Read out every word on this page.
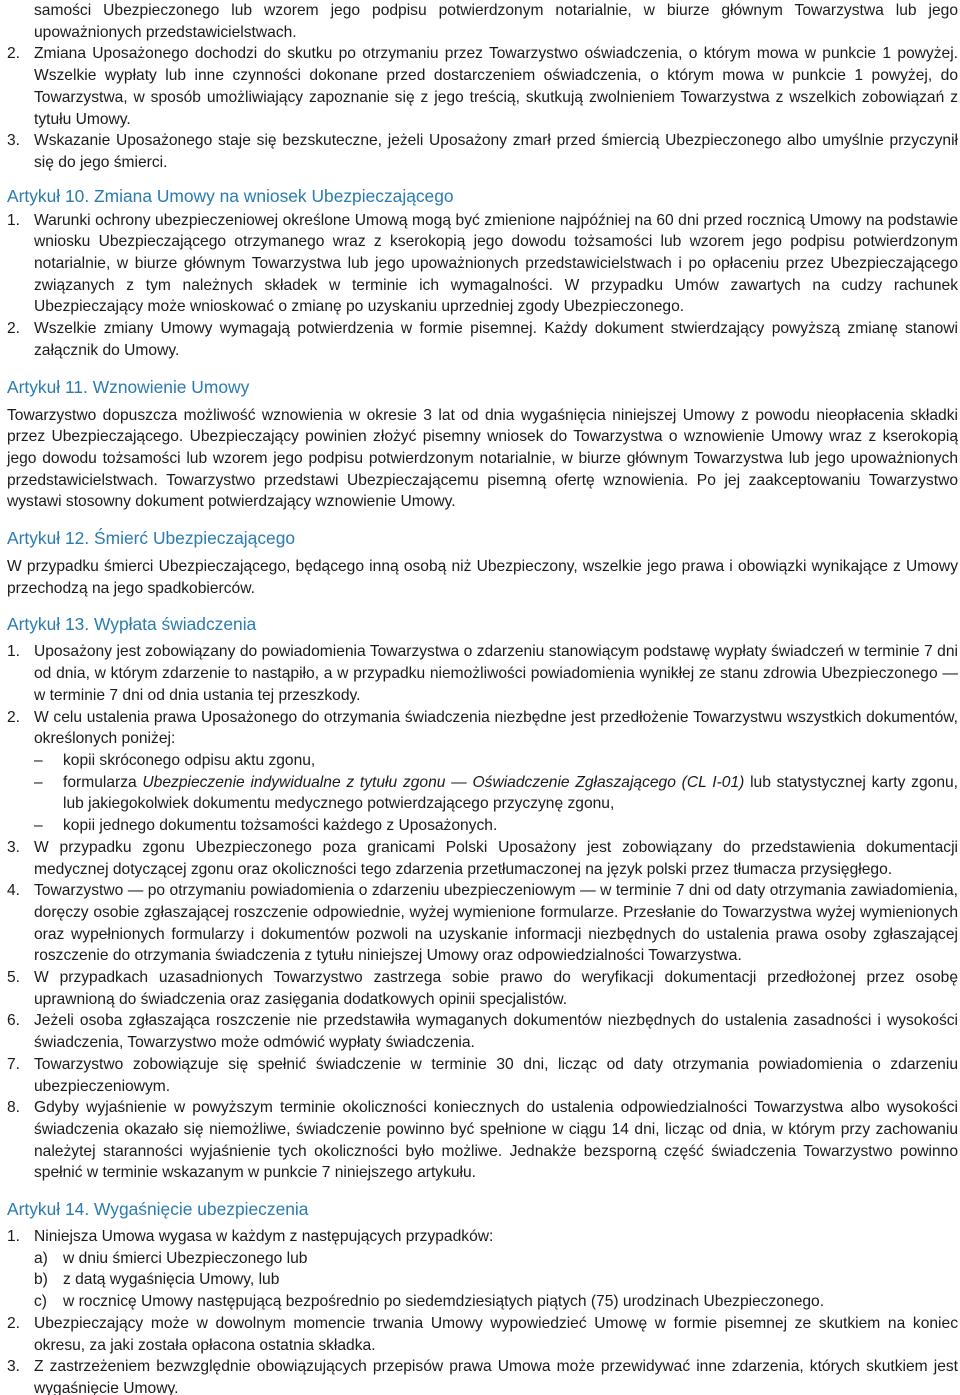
samości Ubezpieczonego lub wzorem jego podpisu potwierdzonym notarialnie, w biurze głównym Towarzystwa lub jego upoważnionych przedstawicielstwach.

2. Zmiana Uposażonego dochodzi do skutku po otrzymaniu przez Towarzystwo oświadczenia, o którym mowa w punkcie 1 powyżej. Wszelkie wypłaty lub inne czynności dokonane przed dostarczeniem oświadczenia, o którym mowa w punkcie 1 powyżej, do Towarzystwa, w sposób umożliwiający zapoznanie się z jego treścią, skutkują zwolnieniem Towarzystwa z wszelkich zobowiązań z tytułu Umowy.
3. Wskazanie Uposażonego staje się bezskuteczne, jeżeli Uposażony zmarł przed śmiercią Ubezpieczonego albo umyślnie przyczynił się do jego śmierci.
Artykuł 10. Zmiana Umowy na wniosek Ubezpieczającego
1. Warunki ochrony ubezpieczeniowej określone Umową mogą być zmienione najpóźniej na 60 dni przed rocznicą Umowy na podstawie wniosku Ubezpieczającego otrzymanego wraz z kserokopią jego dowodu tożsamości lub wzorem jego podpisu potwierdzonym notarialnie, w biurze głównym Towarzystwa lub jego upoważnionych przedstawicielstwach i po opłaceniu przez Ubezpieczającego związanych z tym należnych składek w terminie ich wymagalności. W przypadku Umów zawartych na cudzy rachunek Ubezpieczający może wnioskować o zmianę po uzyskaniu uprzedniej zgody Ubezpieczonego.
2. Wszelkie zmiany Umowy wymagają potwierdzenia w formie pisemnej. Każdy dokument stwierdzający powyższą zmianę stanowi załącznik do Umowy.
Artykuł 11. Wznowienie Umowy

Towarzystwo dopuszcza możliwość wznowienia w okresie 3 lat od dnia wygaśnięcia niniejszej Umowy z powodu nieopłacenia składki przez Ubezpieczającego. Ubezpieczający powinien złożyć pisemny wniosek do Towarzystwa o wznowienie Umowy wraz z kserokopią jego dowodu tożsamości lub wzorem jego podpisu potwierdzonym notarialnie, w biurze głównym Towarzystwa lub jego upoważnionych przedstawicielstwach. Towarzystwo przedstawi Ubezpieczającemu pisemną ofertę wznowienia. Po jej zaakceptowaniu Towarzystwo wystawi stosowny dokument potwierdzający wznowienie Umowy.

Artykuł 12. Śmierć Ubezpieczającego

W przypadku śmierci Ubezpieczającego, będącego inną osobą niż Ubezpieczony, wszelkie jego prawa i obowiązki wynikające z Umowy przechodzą na jego spadkobierców.

Artykuł 13. Wypłata świadczenia
1. Uposażony jest zobowiązany do powiadomienia Towarzystwa o zdarzeniu stanowiącym podstawę wypłaty świadczeń w terminie 7 dni od dnia, w którym zdarzenie to nastąpiło, a w przypadku niemożliwości powiadomienia wynikłej ze stanu zdrowia Ubezpieczonego — w terminie 7 dni od dnia ustania tej przeszkody.
2. W celu ustalenia prawa Uposażonego do otrzymania świadczenia niezbędne jest przedłożenie Towarzystwu wszystkich dokumentów, określonych poniżej:
–	kopii skróconego odpisu aktu zgonu,
–	formularza Ubezpieczenie indywidualne z tytułu zgonu — Oświadczenie Zgłaszającego (CL I-01) lub statystycznej karty zgonu, lub jakiegokolwiek dokumentu medycznego potwierdzającego przyczynę zgonu,
–	kopii jednego dokumentu tożsamości każdego z Uposażonych.
3. W przypadku zgonu Ubezpieczonego poza granicami Polski Uposażony jest zobowiązany do przedstawienia dokumentacji medycznej dotyczącej zgonu oraz okoliczności tego zdarzenia przetłumaczonej na język polski przez tłumacza przysięgłego.
4. Towarzystwo — po otrzymaniu powiadomienia o zdarzeniu ubezpieczeniowym — w terminie 7 dni od daty otrzymania zawiadomienia, doręczy osobie zgłaszającej roszczenie odpowiednie, wyżej wymienione formularze. Przesłanie do Towarzystwa wyżej wymienionych oraz wypełnionych formularzy i dokumentów pozwoli na uzyskanie informacji niezbędnych do ustalenia prawa osoby zgłaszającej roszczenie do otrzymania świadczenia z tytułu niniejszej Umowy oraz odpowiedzialności Towarzystwa.
5. W przypadkach uzasadnionych Towarzystwo zastrzega sobie prawo do weryfikacji dokumentacji przedłożonej przez osobę uprawnioną do świadczenia oraz zasięgania dodatkowych opinii specjalistów.
6. Jeżeli osoba zgłaszająca roszczenie nie przedstawiła wymaganych dokumentów niezbędnych do ustalenia zasadności i wysokości świadczenia, Towarzystwo może odmówić wypłaty świadczenia.
7. Towarzystwo zobowiązuje się spełnić świadczenie w terminie 30 dni, licząc od daty otrzymania powiadomienia o zdarzeniu ubezpieczeniowym.
8. Gdyby wyjaśnienie w powyższym terminie okoliczności koniecznych do ustalenia odpowiedzialności Towarzystwa albo wysokości świadczenia okazało się niemożliwe, świadczenie powinno być spełnione w ciągu 14 dni, licząc od dnia, w którym przy zachowaniu należytej staranności wyjaśnienie tych okoliczności było możliwe. Jednakże bezsporną część świadczenia Towarzystwo powinno spełnić w terminie wskazanym w punkcie 7 niniejszego artykułu.
Artykuł 14. Wygaśnięcie ubezpieczenia
1. Niniejsza Umowa wygasa w każdym z następujących przypadków:
a) w dniu śmierci Ubezpieczonego lub
b) z datą wygaśnięcia Umowy, lub
c)	w rocznicę Umowy następującą bezpośrednio po siedemdziesiątych piątych (75) urodzinach Ubezpieczonego.
2. Ubezpieczający może w dowolnym momencie trwania Umowy wypowiedzieć Umowę w formie pisemnej ze skutkiem na koniec okresu, za jaki została opłacona ostatnia składka.
3. Z zastrzeżeniem bezwzględnie obowiązujących przepisów prawa Umowa może przewidywać inne zdarzenia, których skutkiem jest wygaśnięcie Umowy.
